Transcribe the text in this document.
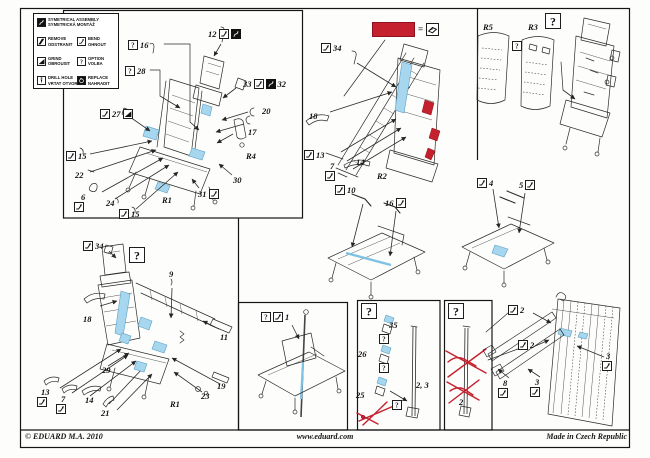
SYMETRICAL ASSEMBLY
SYMETRICKÁ MONTÁŽ
REMOVE
ODSTRANIT
BEND
OHNOUT
GRIND
OBROUSIT ?
OPTION
VOLBA
DRILL HOLE
VRTAT OTVOR
REPLACE
NAHRADIT
=
12
? 16
? 28
33	32
27	20
17
R4
30
31
R1
15
22
6
24
15
34
18
13
14
7
R2
10
16
4	5
R5	R3 ?
?
34
?
9
18
11
29
13
7 14
21
19
23
R1
? 1	?
35
?
26
?
25
2, 3
?
?
2
2
2
3
8	3
© EDUARD M.A. 2010	www.eduard.com	Made in Czech Republic
